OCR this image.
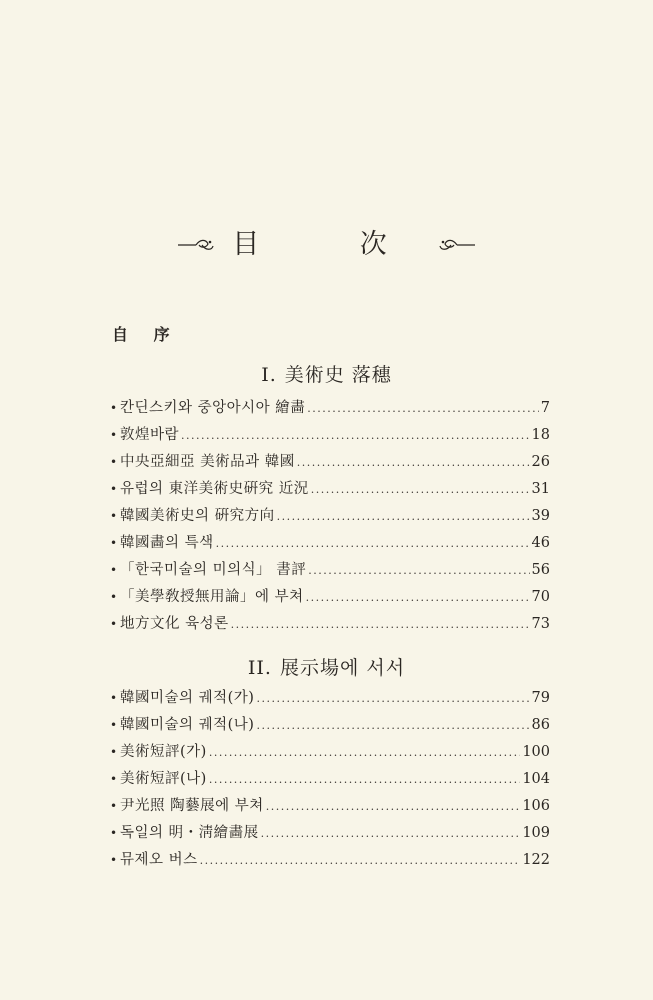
目 次
自 序
I. 美術史 落穗
• 칸딘스키와 중앙아시아 繪畵 .....	7
• 敦煌바람 .....	18
• 中央亞細亞 美術品과 韓國 .....	26
• 유럽의 東洋美術史硏究 近況 .....	31
• 韓國美術史의 硏究方向 .....	39
• 韓國畵의 특색 .....	46
• 「한국미술의 미의식」 書評 .....	56
• 「美學敎授無用論」에 부쳐 .....	70
• 地方文化 육성론 .....	73
II. 展示場에 서서
• 韓國미술의 궤적(가) .....	79
• 韓國미술의 궤적(나) .....	86
• 美術短評(가) .....	100
• 美術短評(나) .....	104
• 尹光照 陶藝展에 부쳐 .....	106
• 독일의 明・淸繪畵展 .....	109
• 뮤제오 버스 .....	122
